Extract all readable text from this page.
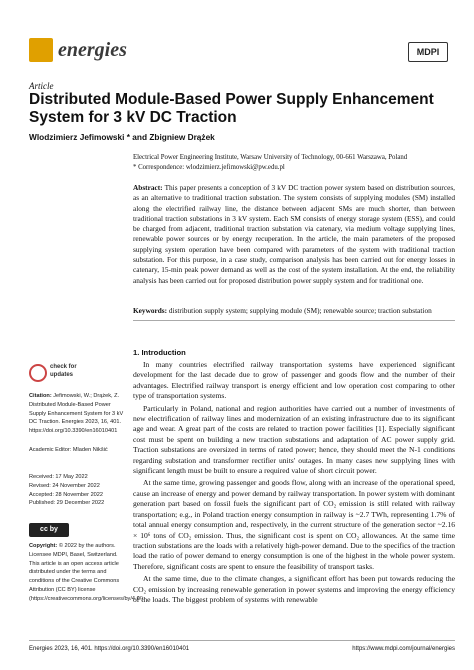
energies	MDPI
Article
Distributed Module-Based Power Supply Enhancement System for 3 kV DC Traction
Wlodzimierz Jefimowski * and Zbigniew Drążek
Electrical Power Engineering Institute, Warsaw University of Technology, 00-661 Warszawa, Poland
* Correspondence: wlodzimierz.jefimowski@pw.edu.pl
Abstract: This paper presents a conception of 3 kV DC traction power system based on distribution sources, as an alternative to traditional traction substation. The system consists of supplying modules (SM) installed along the electrified railway line, the distance between adjacent SMs are much shorter, than between traditional traction substations in 3 kV system. Each SM consists of energy storage system (ESS), and could be charged from adjacent, traditional traction substation via catenary, via medium voltage supplying lines, renewable power sources or by energy recuperation. In the article, the main parameters of the proposed supplying system operation have been compared with parameters of the system with traditional traction substation. For this purpose, in a case study, comparison analysis has been carried out for energy losses in catenary, 15-min peak power demand as well as the cost of the system installation. At the end, the reliability analysis has been carried out for proposed distribution power supply system and for traditional one.
Keywords: distribution supply system; supplying module (SM); renewable source; traction substation
1. Introduction

In many countries electrified railway transportation systems have experienced significant development for the last decade due to grow of passenger and goods flow and the number of their advantages. Electrified railway transport is energy efficient and low operation cost comparing to other type of transportation systems.

Particularly in Poland, national and region authorities have carried out a number of investments of new electrification of railway lines and modernization of an existing infrastructure due to its significant age and wear. A great part of the costs are related to traction power facilities [1]. Especially significant cost must be spent on building a new traction substations and adaptation of AC power supply grid. Traction substations are oversized in terms of rated power; hence, they should meet the N-1 conditions regarding substation and transformer rectifier units' outages. In many cases new supplying lines with significant length must be built to ensure a required value of short circuit power.

At the same time, growing passenger and goods flow, along with an increase of the operational speed, cause an increase of energy and power demand by railway transportation. In power system with dominant generation part based on fossil fuels the significant part of CO₂ emission is still related with railway transportation; e.g., in Poland traction energy consumption in railway is ~2.7 TWh, representing 1.7% of total annual energy consumption and, respectively, in the current structure of the generation sector ~2.16 × 10⁶ tons of CO₂ emission. Thus, the significant cost is spent on CO₂ allowances. At the same time traction substations are the loads with a relatively high-power demand. Due to the specifics of the traction load the ratio of power demand to energy consumption is one of the highest in the whole power system. Therefore, significant costs are spent to ensure the feasibility of transport tasks.

At the same time, due to the climate changes, a significant effort has been put towards reducing the CO₂ emission by increasing renewable generation in power systems and improving the energy efficiency of the loads. The biggest problem of systems with renewable

check for updates
Citation: Jefimowski, W.; Drążek, Z. Distributed Module-Based Power Supply Enhancement System for 3 kV DC Traction. Energies 2023, 16, 401. https://doi.org/10.3390/en16010401
Academic Editor: Mladen Nikšić
Received: 17 May 2022
Revised: 24 November 2022
Accepted: 28 November 2022
Published: 29 December 2022
cc by
Copyright: © 2022 by the authors. Licensee MDPI, Basel, Switzerland. This article is an open access article distributed under the terms and conditions of the Creative Commons Attribution (CC BY) license (https://creativecommons.org/licenses/by/4.0/).
Energies 2023, 16, 401. https://doi.org/10.3390/en16010401	https://www.mdpi.com/journal/energies
